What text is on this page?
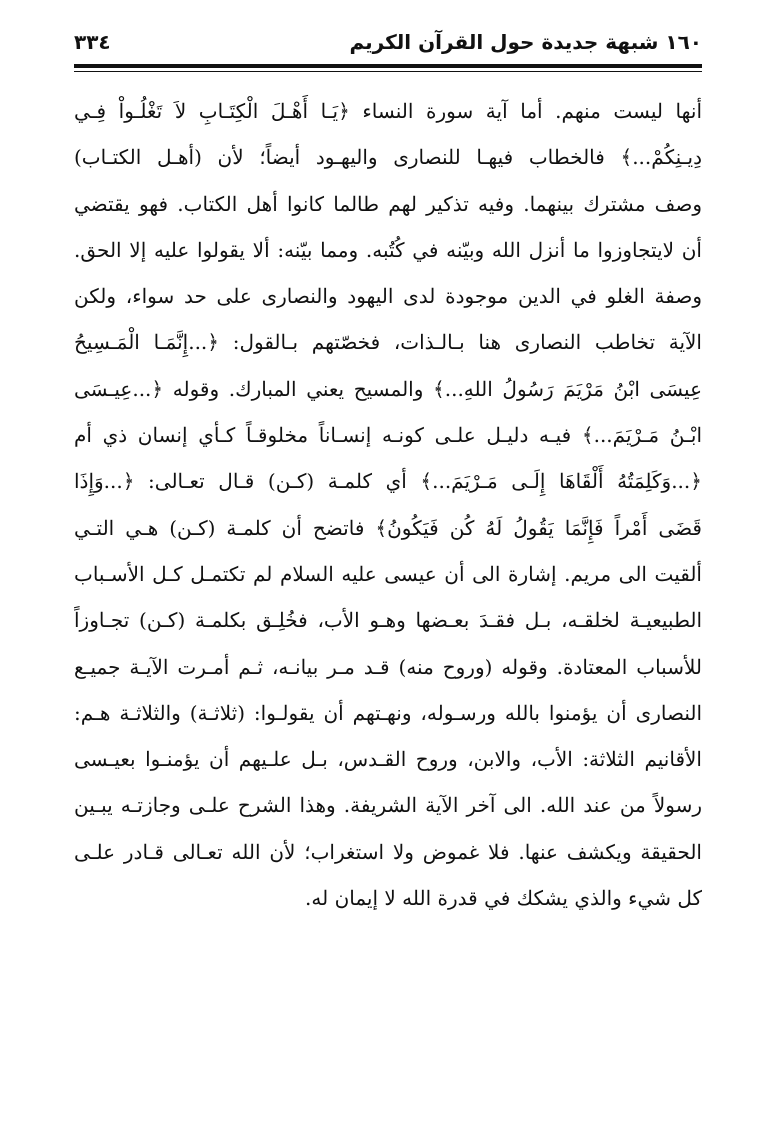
١٦٠ شبهة جديدة حول القرآن الكريم
٣٣٤
أنها ليست منهم. أما آية سورة النساء ﴿يَـا أَهْـلَ الْكِتَـابِ لاَ تَغْلُـواْ فِـي
دِيـنِكُمْ...﴾ فالخطاب فيهـا للنصارى واليهـود أيضاً؛ لأن (أهـل الكتـاب)
وصف مشترك بينهما. وفيه تذكير لهم طالما كانوا أهل الكتاب. فهو يقتضي
أن لايتجاوزوا ما أنزل الله وبيّنه في كُتُبه. ومما بيّنه: ألا يقولوا عليه إلا الحق.
وصفة الغلو في الدين موجودة لدى اليهود والنصارى على حد سواء، ولكن
الآية تخاطب النصارى هنا بـالـذات، فخصّتهم بـالقول: ﴿...إِنَّمَـا الْمَـسِيحُ
عِيسَى ابْنُ مَرْيَمَ رَسُولُ اللهِ...﴾ والمسيح يعني المبارك. وقوله ﴿...عِيـسَى
ابْـنُ مَـرْيَمَ...﴾ فيـه دليـل علـى كونـه إنسـاناً مخلوقـاً كـأي إنسان ذي أم
﴿...وَكَلِمَتُهُ أَلْقَاهَا إِلَـى مَـرْيَمَ...﴾ أي كلمـة (كـن) قـال تعـالى: ﴿...وَإِذَا
قَضَى أَمْراً فَإِنَّمَا يَقُولُ لَهُ كُن فَيَكُونُ﴾ فاتضح أن كلمـة (كـن) هـي التـي
ألقيت الى مريم. إشارة الى أن عيسى عليه السلام لم تكتمـل كـل الأسـباب
الطبيعيـة لخلقـه، بـل فقـدَ بعـضها وهـو الأب، فخُلِـق بكلمـة (كـن) تجـاوزاً
للأسباب المعتادة. وقوله (وروح منه) قـد مـر بيانـه، ثـم أمـرت الآيـة جميـع
النصارى أن يؤمنوا بالله ورسـوله، ونهـتهم أن يقولـوا: (ثلاثـة) والثلاثـة هـم:
الأقانيم الثلاثة: الأب، والابن، وروح القـدس، بـل علـيهم أن يؤمنـوا بعيـسى
رسولاً من عند الله. الى آخر الآية الشريفة. وهذا الشرح علـى وجازتـه يبـين
الحقيقة ويكشف عنها. فلا غموض ولا استغراب؛ لأن الله تعـالى قـادر علـى
كل شيء والذي يشكك في قدرة الله لا إيمان له.
